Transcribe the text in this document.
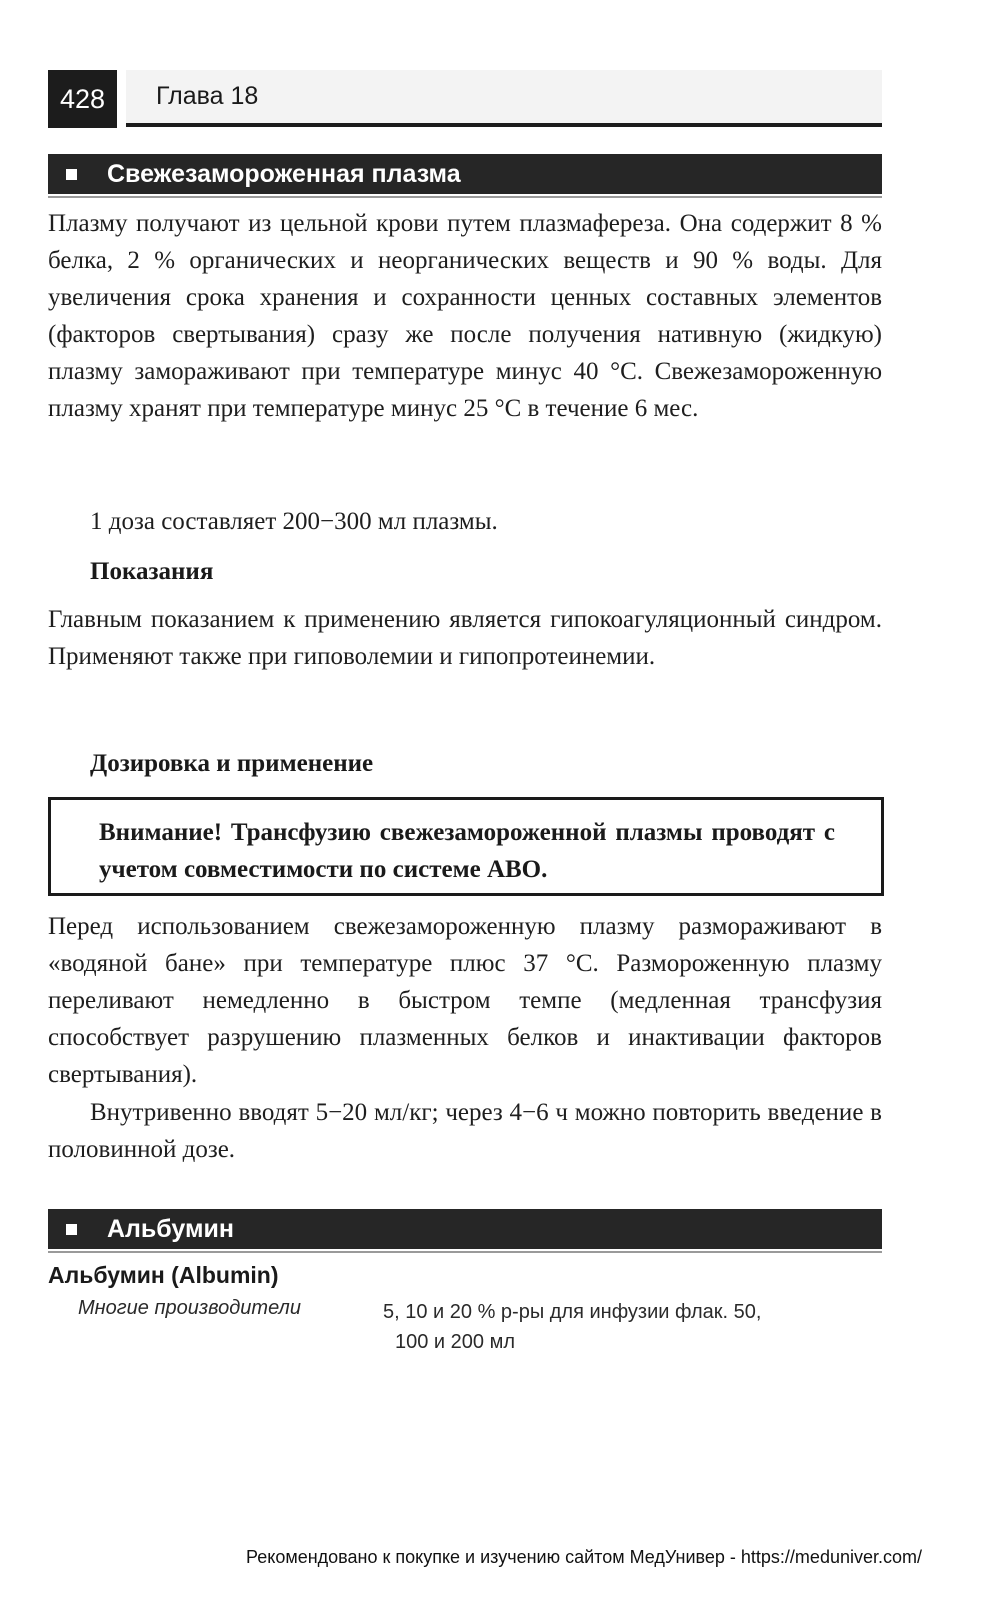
428	Глава 18
Свежезамороженная плазма

Плазму получают из цельной крови путем плазмафереза. Она содержит 8 % белка, 2 % органических и неорганических веществ и 90 % воды. Для увеличения срока хранения и сохранности ценных составных элементов (факторов свертывания) сразу же после получения нативную (жидкую) плазму замораживают при температуре минус 40 °С. Свежезамороженную плазму хранят при температуре минус 25 °С в течение 6 мес.

1 доза составляет 200−300 мл плазмы.

Показания

Главным показанием к применению является гипокоагуляционный синдром. Применяют также при гиповолемии и гипопротеинемии.

Дозировка и применение

Внимание! Трансфузию свежезамороженной плазмы проводят с учетом совместимости по системе АВО.

Перед использованием свежезамороженную плазму размораживают в «водяной бане» при температуре плюс 37 °С. Размороженную плазму переливают немедленно в быстром темпе (медленная трансфузия способствует разрушению плазменных белков и инактивации факторов свертывания).

Внутривенно вводят 5−20 мл/кг; через 4−6 ч можно повторить введение в половинной дозе.

Альбумин
Альбумин (Albumin)
Многие производители	5, 10 и 20 % р-ры для инфузии флак. 50,
100 и 200 мл
Рекомендовано к покупке и изучению сайтом МедУнивер - https://meduniver.com/
